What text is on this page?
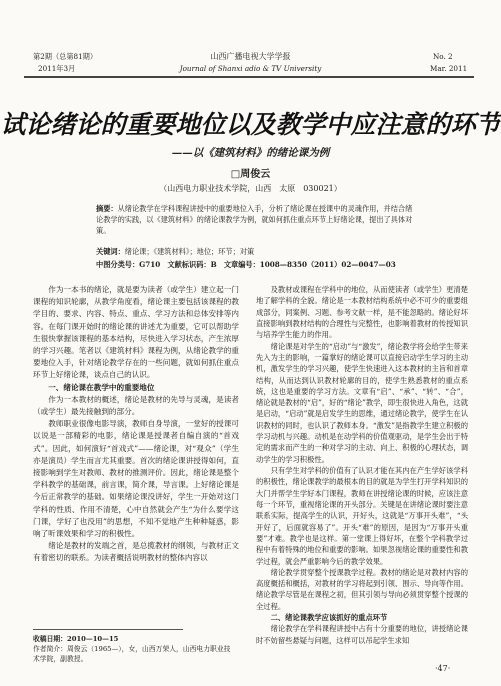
第2期（总第81期）
2011年3月
山西广播电视大学学报
Journal of Shanxi adio & TV University
No. 2
Mar. 2011
试论绪论的重要地位以及教学中应注意的环节
——以《建筑材料》的绪论课为例
□周俊云
（山西电力职业技术学院，山西　太原　030021）
摘要：从绪论教学在学科课程讲授中的重要地位入手，分析了绪论课在授课中的灵魂作用，并结合绪论教学的实践，以《建筑材料》的绪论课教学为例，就如何抓住重点环节上好绪论课，提出了具体对策。
关键词：绪论课；《建筑材料》；地位；环节；对策
中图分类号：G710　文献标识码：B　文章编号：1008—8350（2011）02—0047—03

作为一本书的绪论，就是要为读者（或学生）建立起一门课程的知识轮廓，从教学角度看，绪论课主要包括该课程的教学目的、要求、内容、特点、重点、学习方法和总体安排等内容。在每门课开始时的绪论课的讲述尤为重要，它可以帮助学生很快掌握该课程的基本结构，尽快进入学习状态，产生浓厚的学习兴趣。笔者以《建筑材料》课程为例，从绪论教学的重要地位入手，针对绪论教学存在的一些问题，就如何抓住重点环节上好绪论课，谈点自己的认识。

一、绪论课在教学中的重要地位

作为一本教材的概述，绪论是教材的先导与灵魂，是读者（或学生）最先接触到的部分。

教师职业很像电影导演，教师自身导演，一堂好的授课可以说是一部精彩的电影，绪论课是授课者自编自演的“首戏式”。因此，如何演好“首戏式”——绪论课，对“观众”（学生亦是演员）学生而言尤其重要。首次的绪论课讲授得如何，直接影响到学生对教师、教材的推测评价。因此，绪论课是整个学科教学的基础课，前言课，简介课，导言课。上好绪论课是今后正常教学的基础。如果绪论课没讲好，学生一开始对这门学科的性质、作用不清楚，心中自然就会产生“为什么要学这门课，学好了也没用”的思想，不知不觉地产生种种疑惑，影响了听课效果和学习的积极性。

绪论是教材的发端之首，是总揽教材的纲领，与教材正文有着密切的联系。为读者概括说明教材的整体内容以

收稿日期：2010—10—15
作者简介：周俊云（1965—），女，山西万荣人，山西电力职业技术学院，副教授。

及教材或课程在学科中的地位，从而使读者（或学生）更清楚地了解学科的全貌。绪论是一本教材结构系统中必不可少的重要组成部分，同案例、习题、参考文献一样，是不能忽略的。绪论好坏直接影响到教材结构的合理性与完整性，也影响着教材的传授知识与培养学生能力的作用。

绪论课是对学生的“启动”与“激发”，绪论教学将会给学生带来先入为主的影响，一篇掌好的绪论课可以直接启动学生学习的主动机，激发学生的学习兴趣，使学生快速进入这本教材的主旨和首章结构，从而达到认识教材轮廓的目的，使学生熟悉教材的重点系统，这也是重要的学习方法。文章有“启”、“承”、“转”、“合”，绪论就是教材的“启”，好的“绪论”教学，即生很快进入角色，这就是启动，“启动”就是启发学生的思维，通过绪论教学，使学生在认识教材的同时，也认识了教师本身。“激发”是指教学生建立积极的学习动机与兴趣。动机是在动学科的价值观驱动，是学生会出于特定的需求而产生的一种对学习的主动、向上、积极的心理状态，调动学生的学习积极性。

只有学生对学科的价值有了认识才能在其内在产生学好该学科的积极性，绪论课教学的最根本的目的就是为学生打开学科知识的大门并帮学生学好本门课程，教师在讲授绪论课的时候，应该注意每一个环节，重视绪论课的开头部分。关键是在讲绪论课时要注意联系实际，提高学生的认识，开好头，这就是“万事开头难”，“头开好了，后面就容易了”。开头“难”的原因，是因为“万事开头重要”才难。教学也是这样。第一堂课上得好坏，在整个学科教学过程中有着特殊的地位和重要的影响。如果忽视绪论课的重要性和教学过程，就会严重影响今后的教学效果。

绪论教学贯穿整个授课教学过程。教材的绪论是对教材内容的高度概括和概括，对教材的学习将起到引领、围示、导向等作用。绪论教学尽管是在课程之初，但其引领与导向必须贯穿整个授课的全过程。

二、绪论课教学应该抓好的重点环节

绪论教学在学科课程讲授中占有十分重要的地位，讲授绪论课时不妨留些悬疑与问题，这样可以吊起学生求知

·47·
